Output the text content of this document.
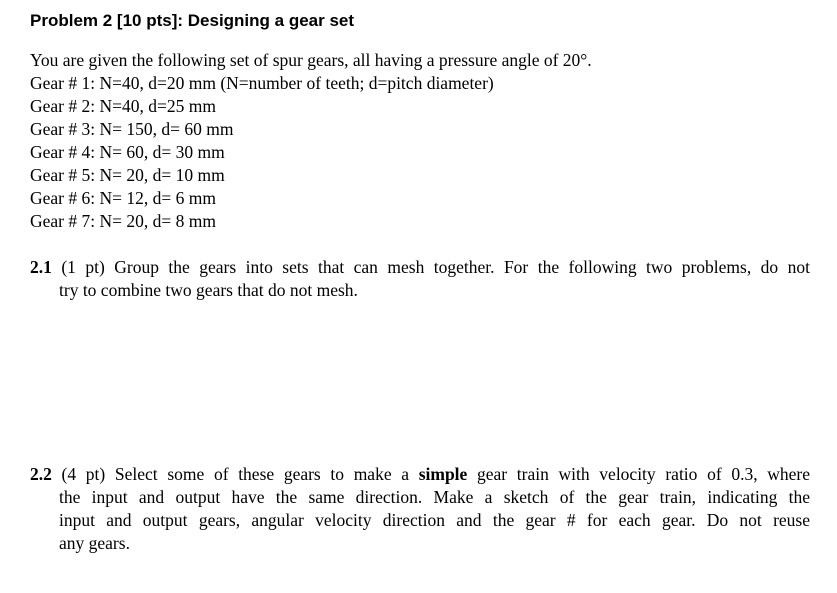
Problem 2 [10 pts]: Designing a gear set
You are given the following set of spur gears, all having a pressure angle of 20°.
Gear # 1: N=40, d=20 mm (N=number of teeth; d=pitch diameter)
Gear # 2: N=40, d=25 mm
Gear # 3: N= 150, d= 60 mm
Gear # 4: N= 60, d= 30 mm
Gear # 5: N= 20, d= 10 mm
Gear # 6: N= 12, d= 6 mm
Gear # 7: N= 20, d= 8 mm
2.1 (1 pt) Group the gears into sets that can mesh together. For the following two problems, do not
try to combine two gears that do not mesh.
2.2 (4 pt) Select some of these gears to make a simple gear train with velocity ratio of 0.3, where
the input and output have the same direction. Make a sketch of the gear train, indicating the
input and output gears, angular velocity direction and the gear # for each gear. Do not reuse
any gears.
